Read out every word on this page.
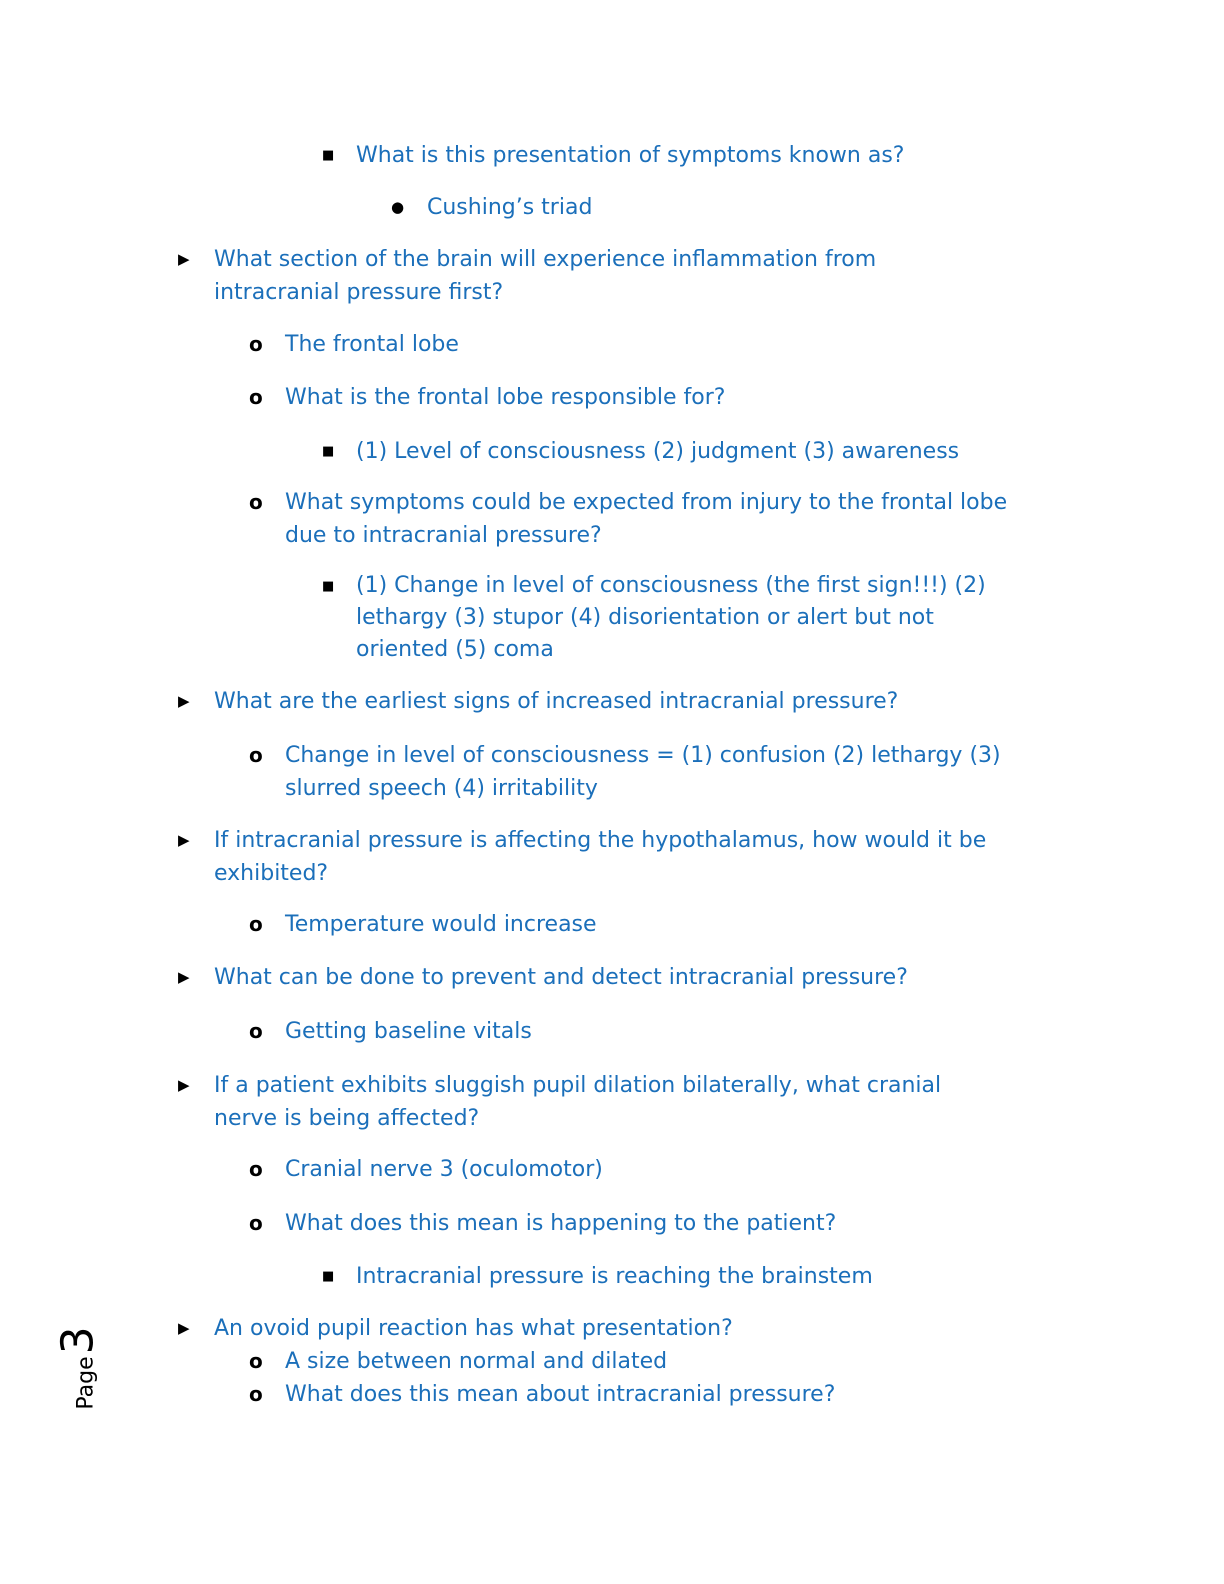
■ What is this presentation of symptoms known as?
● Cushing’s triad
▶ What section of the brain will experience inflammation from
intracranial pressure first?
o The frontal lobe
o What is the frontal lobe responsible for?
■ (1) Level of consciousness (2) judgment (3) awareness
o What symptoms could be expected from injury to the frontal lobe
due to intracranial pressure?
■ (1) Change in level of consciousness (the first sign!!!) (2)
lethargy (3) stupor (4) disorientation or alert but not
oriented (5) coma
▶ What are the earliest signs of increased intracranial pressure?
o Change in level of consciousness = (1) confusion (2) lethargy (3)
slurred speech (4) irritability
▶ If intracranial pressure is affecting the hypothalamus, how would it be
exhibited?
o Temperature would increase
▶ What can be done to prevent and detect intracranial pressure?
o Getting baseline vitals
▶ If a patient exhibits sluggish pupil dilation bilaterally, what cranial
nerve is being affected?
o Cranial nerve 3 (oculomotor)
o What does this mean is happening to the patient?
■ Intracranial pressure is reaching the brainstem
▶ An ovoid pupil reaction has what presentation?
o A size between normal and dilated
o What does this mean about intracranial pressure?
Page
3
